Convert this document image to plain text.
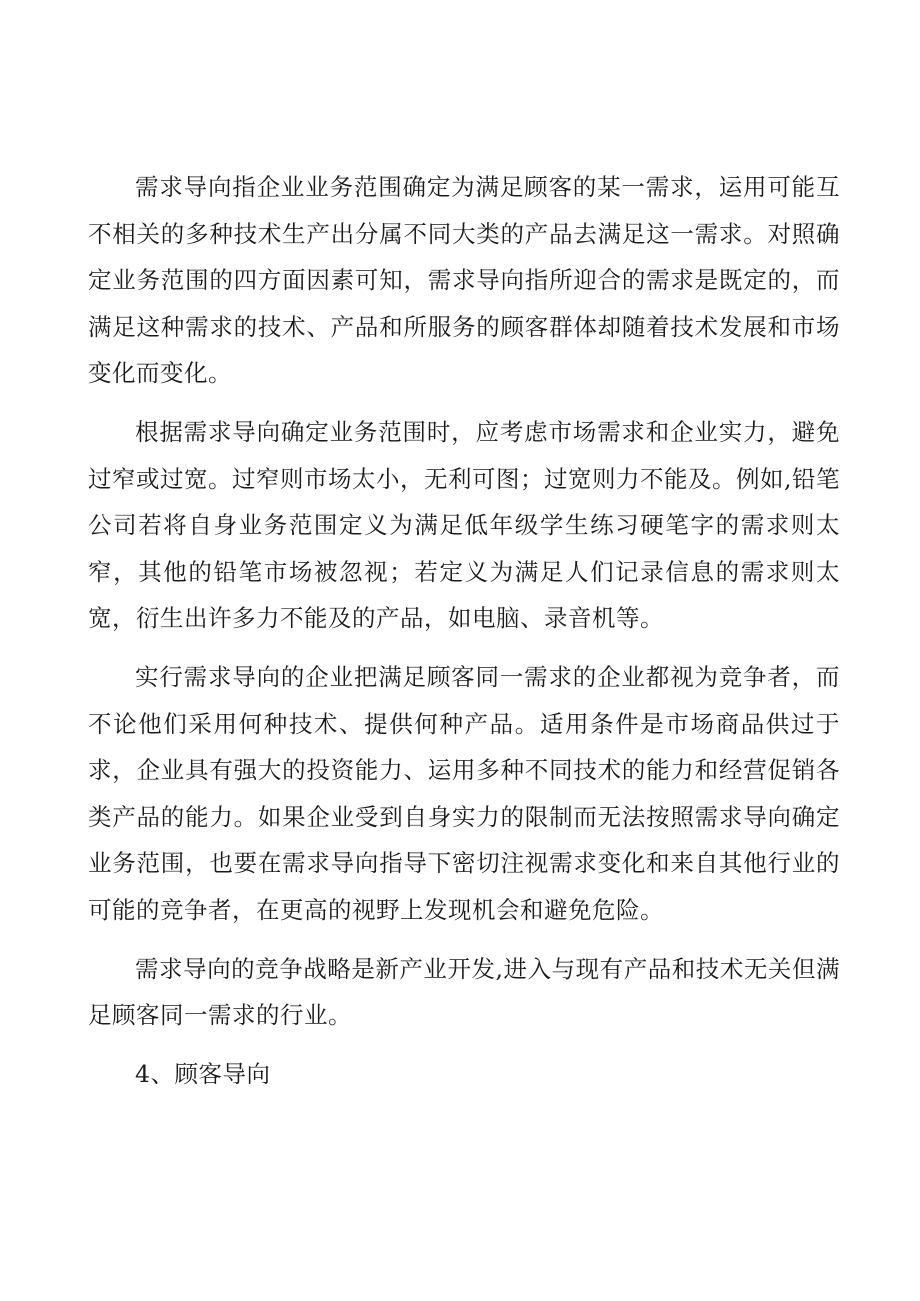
需求导向指企业业务范围确定为满足顾客的某一需求，运用可能互不相关的多种技术生产出分属不同大类的产品去满足这一需求。对照确定业务范围的四方面因素可知，需求导向指所迎合的需求是既定的，而满足这种需求的技术、产品和所服务的顾客群体却随着技术发展和市场变化而变化。

根据需求导向确定业务范围时，应考虑市场需求和企业实力，避免过窄或过宽。过窄则市场太小，无利可图；过宽则力不能及。例如,铅笔公司若将自身业务范围定义为满足低年级学生练习硬笔字的需求则太窄，其他的铅笔市场被忽视；若定义为满足人们记录信息的需求则太宽，衍生出许多力不能及的产品，如电脑、录音机等。

实行需求导向的企业把满足顾客同一需求的企业都视为竞争者，而不论他们采用何种技术、提供何种产品。适用条件是市场商品供过于求，企业具有强大的投资能力、运用多种不同技术的能力和经营促销各类产品的能力。如果企业受到自身实力的限制而无法按照需求导向确定业务范围，也要在需求导向指导下密切注视需求变化和来自其他行业的可能的竞争者，在更高的视野上发现机会和避免危险。

需求导向的竞争战略是新产业开发,进入与现有产品和技术无关但满足顾客同一需求的行业。

4、顾客导向
